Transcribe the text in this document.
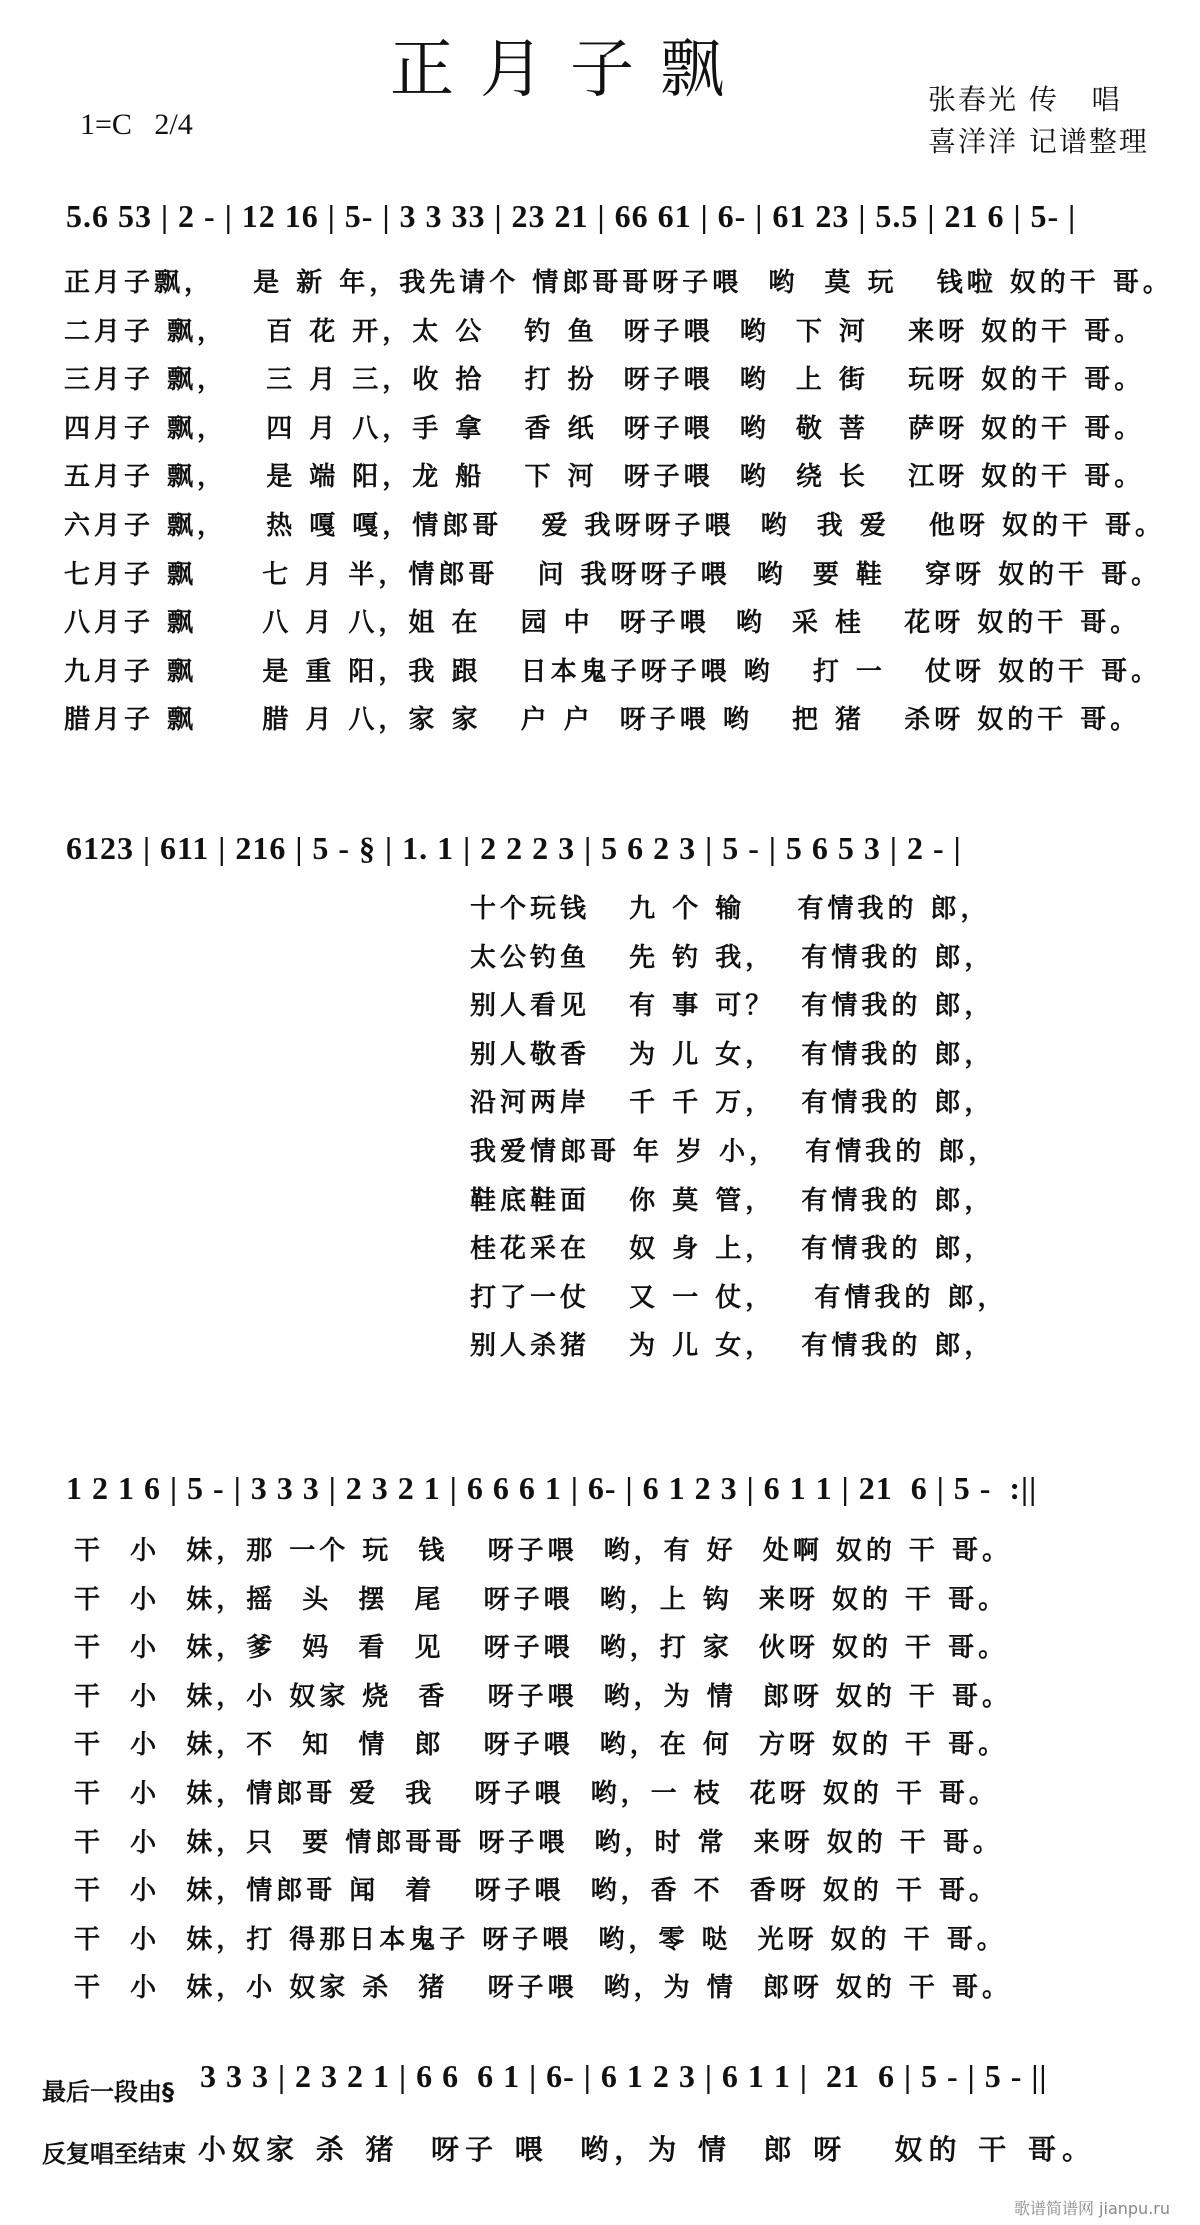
正月子飘
1=C   2/4
张春光 传   唱
喜洋洋 记谱整理
5.6 53 | 2 - | 12 16 | 5- | 3 3 33 | 23 21 | 66 61 | 6- | 61 23 | 5.5 | 21 6 | 5- |
正月子飘，   是 新 年，我先请个 情郎哥哥呀子喂  哟  莫 玩   钱啦 奴的干 哥。
二月子 飘，   百 花 开，太 公   钓 鱼  呀子喂  哟  下 河   来呀 奴的干 哥。
三月子 飘，   三 月 三，收 拾   打 扮  呀子喂  哟  上 街   玩呀 奴的干 哥。
四月子 飘，   四 月 八，手 拿   香 纸  呀子喂  哟  敬 菩   萨呀 奴的干 哥。
五月子 飘，   是 端 阳，龙 船   下 河  呀子喂  哟  绕 长   江呀 奴的干 哥。
六月子 飘，   热 嘎 嘎，情郎哥   爱 我呀呀子喂  哟  我 爱   他呀 奴的干 哥。
七月子 飘     七 月 半，情郎哥   问 我呀呀子喂  哟  要 鞋   穿呀 奴的干 哥。
八月子 飘     八 月 八，姐 在   园 中  呀子喂  哟  采 桂   花呀 奴的干 哥。
九月子 飘     是 重 阳，我 跟   日本鬼子呀子喂 哟   打 一   仗呀 奴的干 哥。
腊月子 飘     腊 月 八，家 家   户 户  呀子喂 哟   把 猪   杀呀 奴的干 哥。
6123 | 611 | 216 | 5 - § | 1. 1 | 2 2 2 3 | 5 6 2 3 | 5 - | 5 6 5 3 | 2 - |
十个玩钱   九 个 输    有情我的 郎，
太公钓鱼   先 钓 我，  有情我的 郎，
别人看见   有 事 可？  有情我的 郎，
别人敬香   为 儿 女，  有情我的 郎，
沿河两岸   千 千 万，  有情我的 郎，
我爱情郎哥 年 岁 小，  有情我的 郎，
鞋底鞋面   你 莫 管，  有情我的 郎，
桂花采在   奴 身 上，  有情我的 郎，
打了一仗   又 一 仗，   有情我的 郎，
别人杀猪   为 儿 女，  有情我的 郎，
1 2 1 6 | 5 - | 3 3 3 | 2 3 2 1 | 6 6 6 1 | 6- | 6 1 2 3 | 6 1 1 | 21  6 | 5 -  :||
干  小  妹，那 一个 玩  钱   呀子喂  哟，有 好  处啊 奴的 干 哥。
干  小  妹，摇  头  摆  尾   呀子喂  哟，上 钩  来呀 奴的 干 哥。
干  小  妹，爹  妈  看  见   呀子喂  哟，打 家  伙呀 奴的 干 哥。
干  小  妹，小 奴家 烧  香   呀子喂  哟，为 情  郎呀 奴的 干 哥。
干  小  妹，不  知  情  郎   呀子喂  哟，在 何  方呀 奴的 干 哥。
干  小  妹，情郎哥 爱  我   呀子喂  哟，一 枝  花呀 奴的 干 哥。
干  小  妹，只  要 情郎哥哥 呀子喂  哟，时 常  来呀 奴的 干 哥。
干  小  妹，情郎哥 闻  着   呀子喂  哟，香 不  香呀 奴的 干 哥。
干  小  妹，打 得那日本鬼子 呀子喂  哟，零 哒  光呀 奴的 干 哥。
干  小  妹，小 奴家 杀  猪   呀子喂  哟，为 情  郎呀 奴的 干 哥。
最后一段由§ 3 3 3 | 2 3 2 1 | 6 6  6 1 | 6- | 6 1 2 3 | 6 1 1 |  21  6 | 5 - | 5 - ||
反复唱至结束 小奴家 杀 猪  呀子 喂  哟，为 情  郎 呀   奴的 干 哥。
歌谱简谱网 jianpu.ru
